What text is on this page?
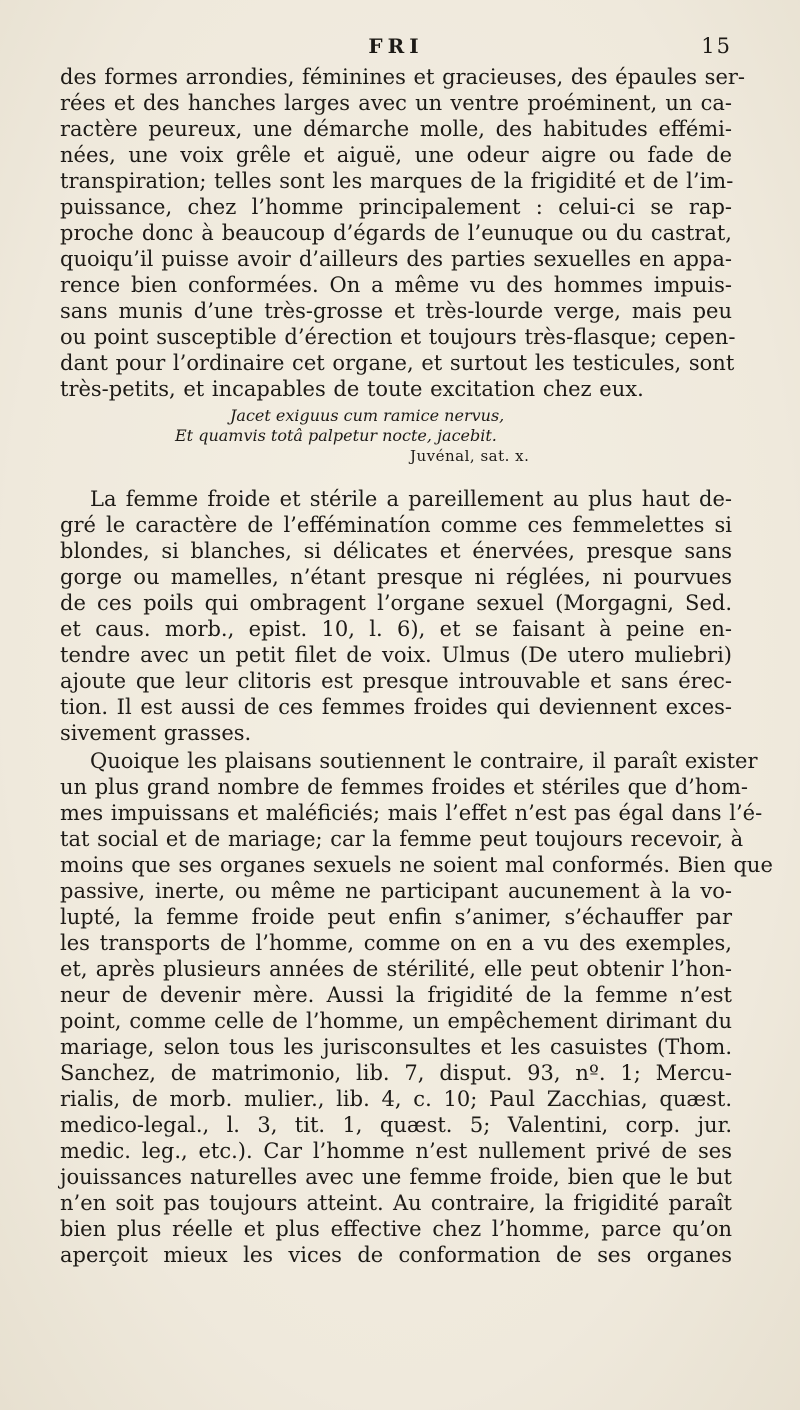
FRI	15

des formes arrondies, féminines et gracieuses, des épaules ser-
rées et des hanches larges avec un ventre proéminent, un ca-
ractère peureux, une démarche molle, des habitudes effémi-
nées, une voix grêle et aiguë, une odeur aigre ou fade de
transpiration; telles sont les marques de la frigidité et de l’im-
puissance, chez l’homme principalement : celui-ci se rap-
proche donc à beaucoup d’égards de l’eunuque ou du castrat,
quoiqu’il puisse avoir d’ailleurs des parties sexuelles en appa-
rence bien conformées. On a même vu des hommes impuis-
sans munis d’une très-grosse et très-lourde verge, mais peu
ou point susceptible d’érection et toujours très-flasque; cepen-
dant pour l’ordinaire cet organe, et surtout les testicules, sont
très-petits, et incapables de toute excitation chez eux.

Jacet exiguus cum ramice nervus,
Et quamvis totâ palpetur nocte, jacebit.
Juvénal, sat. x.

La femme froide et stérile a pareillement au plus haut de-
gré le caractère de l’efféminatíon comme ces femmelettes si
blondes, si blanches, si délicates et énervées, presque sans
gorge ou mamelles, n’étant presque ni réglées, ni pourvues
de ces poils qui ombragent l’organe sexuel (Morgagni, Sed.
et caus. morb., epist. 10, l. 6), et se faisant à peine en-
tendre avec un petit filet de voix. Ulmus (De utero muliebri)
ajoute que leur clitoris est presque introuvable et sans érec-
tion. Il est aussi de ces femmes froides qui deviennent exces-
sivement grasses.

Quoique les plaisans soutiennent le contraire, il paraît exister
un plus grand nombre de femmes froides et stériles que d’hom-
mes impuissans et maléficiés; mais l’effet n’est pas égal dans l’é-
tat social et de mariage; car la femme peut toujours recevoir, à
moins que ses organes sexuels ne soient mal conformés. Bien que
passive, inerte, ou même ne participant aucunement à la vo-
lupté, la femme froide peut enfin s’animer, s’échauffer par
les transports de l’homme, comme on en a vu des exemples,
et, après plusieurs années de stérilité, elle peut obtenir l’hon-
neur de devenir mère. Aussi la frigidité de la femme n’est
point, comme celle de l’homme, un empêchement dirimant du
mariage, selon tous les jurisconsultes et les casuistes (Thom.
Sanchez, de matrimonio, lib. 7, disput. 93, nº. 1; Mercu-
rialis, de morb. mulier., lib. 4, c. 10; Paul Zacchias, quæst.
medico-legal., l. 3, tit. 1, quæst. 5; Valentini, corp. jur.
medic. leg., etc.). Car l’homme n’est nullement privé de ses
jouissances naturelles avec une femme froide, bien que le but
n’en soit pas toujours atteint. Au contraire, la frigidité paraît
bien plus réelle et plus effective chez l’homme, parce qu’on
aperçoit mieux les vices de conformation de ses organes
